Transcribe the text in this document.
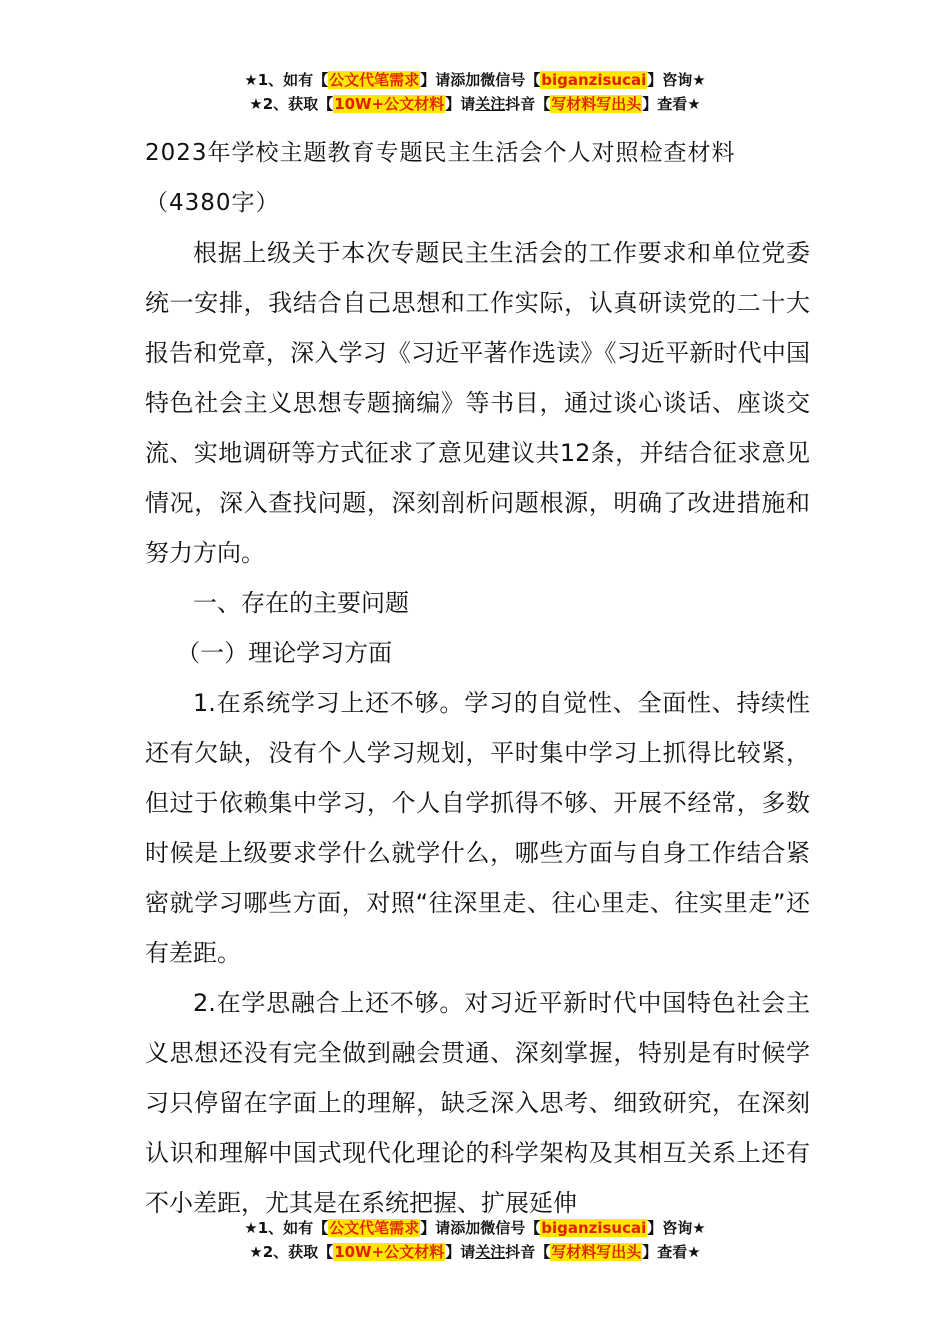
★1、如有【公文代笔需求】请添加微信号【biganzisucai】咨询★
★2、获取【10W+公文材料】请关注抖音【写材料写出头】查看★

2023年学校主题教育专题民主生活会个人对照检查材料（4380字）

根据上级关于本次专题民主生活会的工作要求和单位党委统一安排，我结合自己思想和工作实际，认真研读党的二十大报告和党章，深入学习《习近平著作选读》《习近平新时代中国特色社会主义思想专题摘编》等书目，通过谈心谈话、座谈交流、实地调研等方式征求了意见建议共12条，并结合征求意见情况，深入查找问题，深刻剖析问题根源，明确了改进措施和努力方向。

一、存在的主要问题

（一）理论学习方面

1.在系统学习上还不够。学习的自觉性、全面性、持续性还有欠缺，没有个人学习规划，平时集中学习上抓得比较紧，但过于依赖集中学习，个人自学抓得不够、开展不经常，多数时候是上级要求学什么就学什么，哪些方面与自身工作结合紧密就学习哪些方面，对照“往深里走、往心里走、往实里走”还有差距。

2.在学思融合上还不够。对习近平新时代中国特色社会主义思想还没有完全做到融会贯通、深刻掌握，特别是有时候学习只停留在字面上的理解，缺乏深入思考、细致研究，在深刻认识和理解中国式现代化理论的科学架构及其相互关系上还有不小差距，尤其是在系统把握、扩展延伸

★1、如有【公文代笔需求】请添加微信号【biganzisucai】咨询★
★2、获取【10W+公文材料】请关注抖音【写材料写出头】查看★
